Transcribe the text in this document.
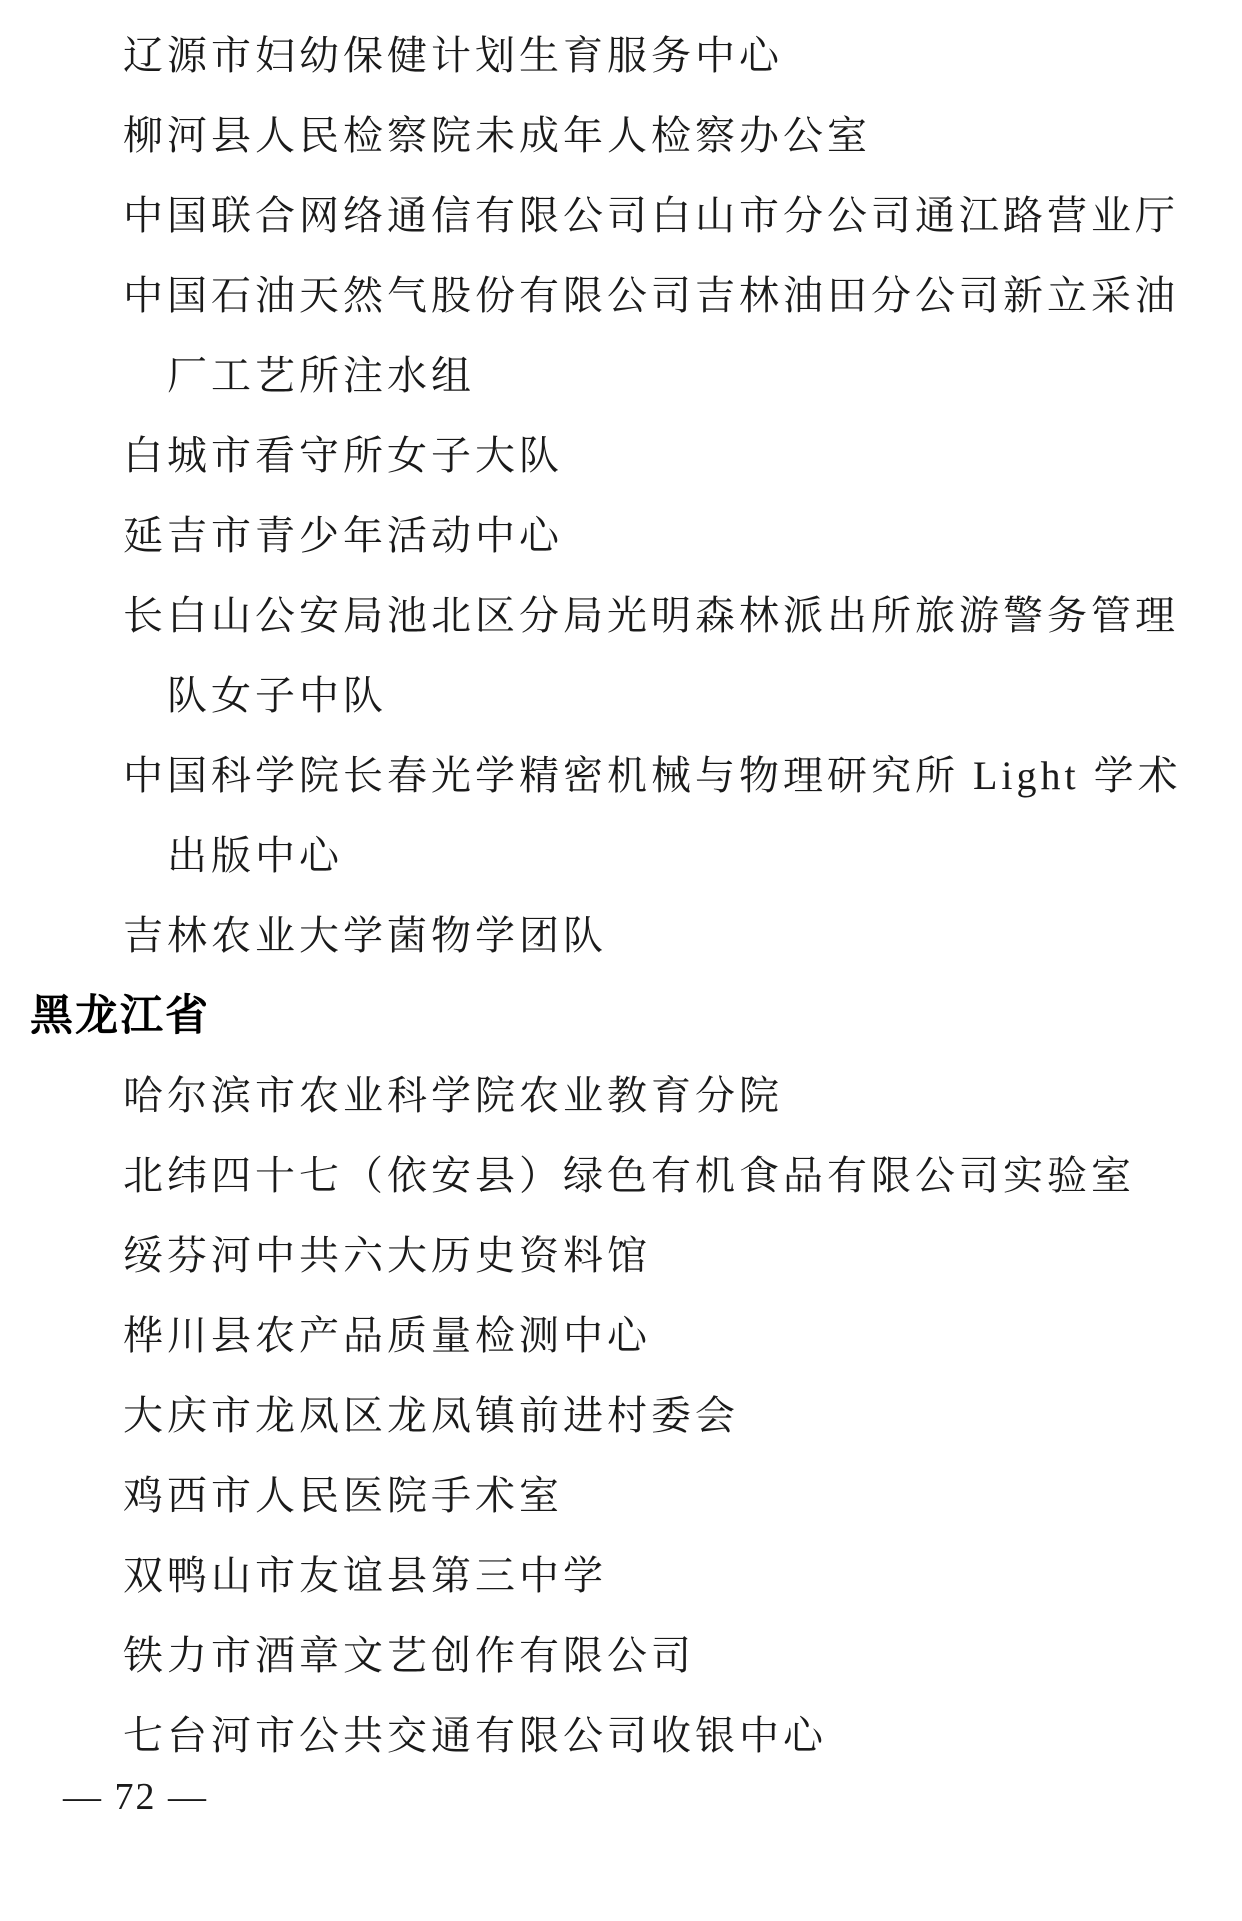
辽源市妇幼保健计划生育服务中心
柳河县人民检察院未成年人检察办公室
中国联合网络通信有限公司白山市分公司通江路营业厅
中国石油天然气股份有限公司吉林油田分公司新立采油
厂工艺所注水组
白城市看守所女子大队
延吉市青少年活动中心
长白山公安局池北区分局光明森林派出所旅游警务管理
队女子中队
中国科学院长春光学精密机械与物理研究所 Light 学术
出版中心
吉林农业大学菌物学团队
黑龙江省
哈尔滨市农业科学院农业教育分院
北纬四十七（依安县）绿色有机食品有限公司实验室
绥芬河中共六大历史资料馆
桦川县农产品质量检测中心
大庆市龙凤区龙凤镇前进村委会
鸡西市人民医院手术室
双鸭山市友谊县第三中学
铁力市酒章文艺创作有限公司
七台河市公共交通有限公司收银中心
— 72 —
